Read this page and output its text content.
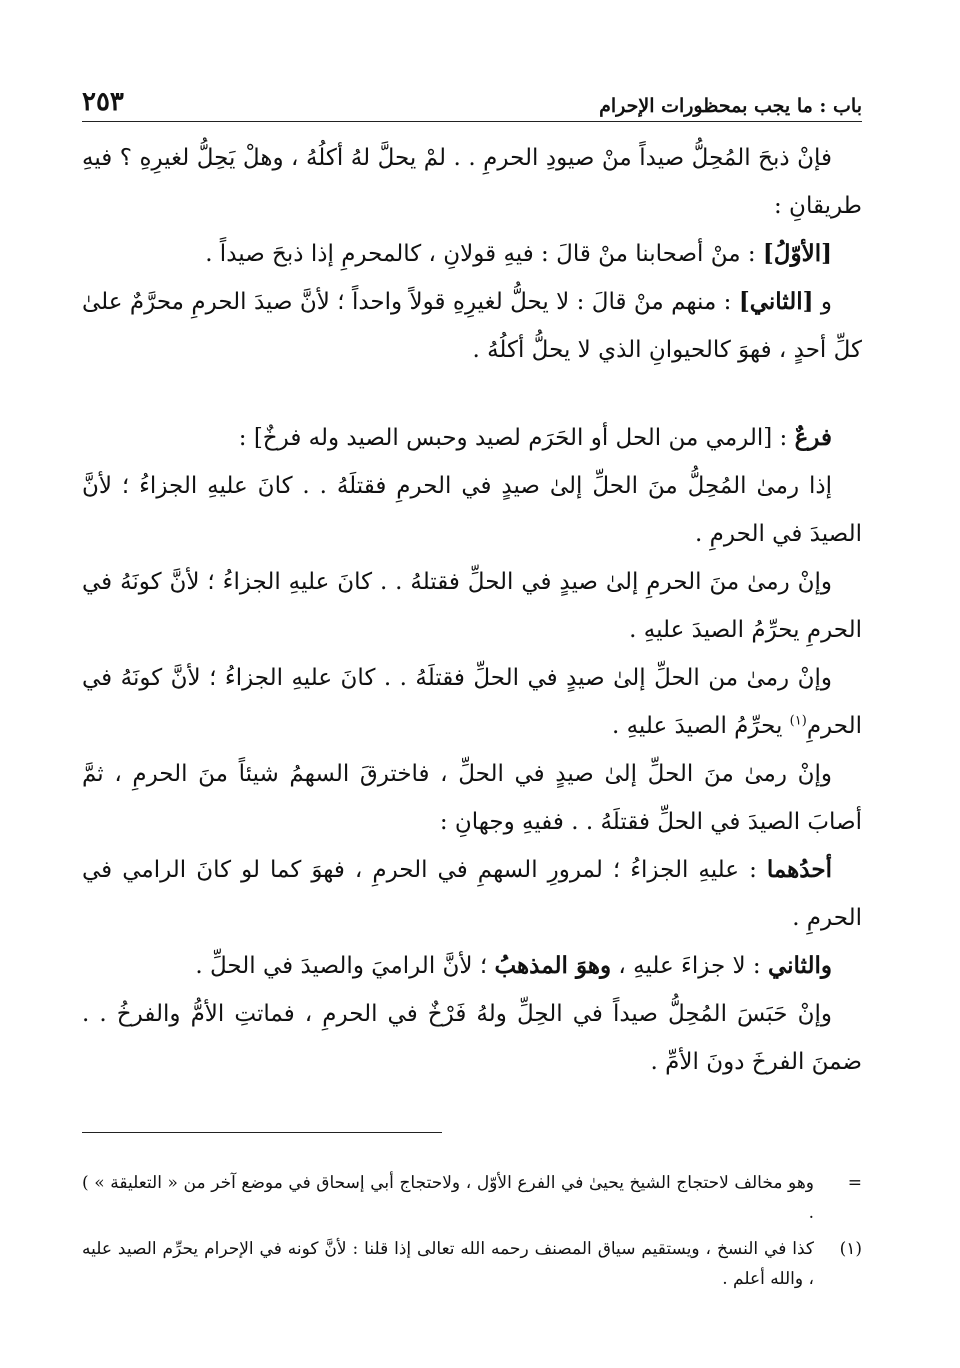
باب : ما يجب بمحظورات الإحرام
٢٥٣

فإنْ ذبحَ المُحِلُّ صيداً منْ صيودِ الحرمِ . . لمْ يحلَّ لهُ أكلُهُ ، وهلْ يَحِلُّ لغيرِهِ ؟ فيهِ طريقانِ :

[الأوّلُ] : منْ أصحابنا منْ قالَ : فيهِ قولانِ ، كالمحرمِ إذا ذبحَ صيداً .

و [الثاني] : منهم منْ قالَ : لا يحلُّ لغيرِهِ قولاً واحداً ؛ لأنَّ صيدَ الحرمِ محرَّمٌ علىٰ كلِّ أحدٍ ، فهوَ كالحيوانِ الذي لا يحلُّ أكلُهُ .

فرعٌ : [الرمي من الحل أو الحَرَم لصيد وحبس الصيد وله فرخٌ] :

إذا رمىٰ المُحِلُّ منَ الحلِّ إلىٰ صيدٍ في الحرمِ فقتلَهُ . . كانَ عليهِ الجزاءُ ؛ لأنَّ الصيدَ في الحرمِ .

وإنْ رمىٰ منَ الحرمِ إلىٰ صيدٍ في الحلِّ فقتلهُ . . كانَ عليهِ الجزاءُ ؛ لأنَّ كونَهُ في الحرمِ يحرِّمُ الصيدَ عليهِ .

وإنْ رمىٰ من الحلِّ إلىٰ صيدٍ في الحلِّ فقتلَهُ . . كانَ عليهِ الجزاءُ ؛ لأنَّ كونَهُ في الحرمِ$^{(١)}$ يحرِّمُ الصيدَ عليهِ .

وإنْ رمىٰ منَ الحلِّ إلىٰ صيدٍ في الحلِّ ، فاخترقَ السهمُ شيئاً منَ الحرمِ ، ثمَّ أصابَ الصيدَ في الحلِّ فقتلَهُ . . ففيهِ وجهانِ :

أحدُهما : عليهِ الجزاءُ ؛ لمرورِ السهمِ في الحرمِ ، فهوَ كما لو كانَ الرامي في الحرمِ .

والثاني : لا جزاءَ عليهِ ، وهوَ المذهبُ ؛ لأنَّ الراميَ والصيدَ في الحلِّ .

وإنْ حَبَسَ المُحِلُّ صيداً في الحِلِّ ولهُ فَرْخٌ في الحرمِ ، فماتتِ الأمُّ والفرخُ . . ضمنَ الفرخَ دونَ الأمِّ .

=
وهو مخالف لاحتجاج الشيخ يحيىٰ في الفرع الأوّل ، ولاحتجاج أبي إسحاق في موضع آخر من « التعليقة » ) .
(١)
كذا في النسخ ، ويستقيم سياق المصنف رحمه الله تعالى إذا قلنا : لأنَّ كونه في الإحرام يحرِّم الصيد عليه ، والله أعلم .
